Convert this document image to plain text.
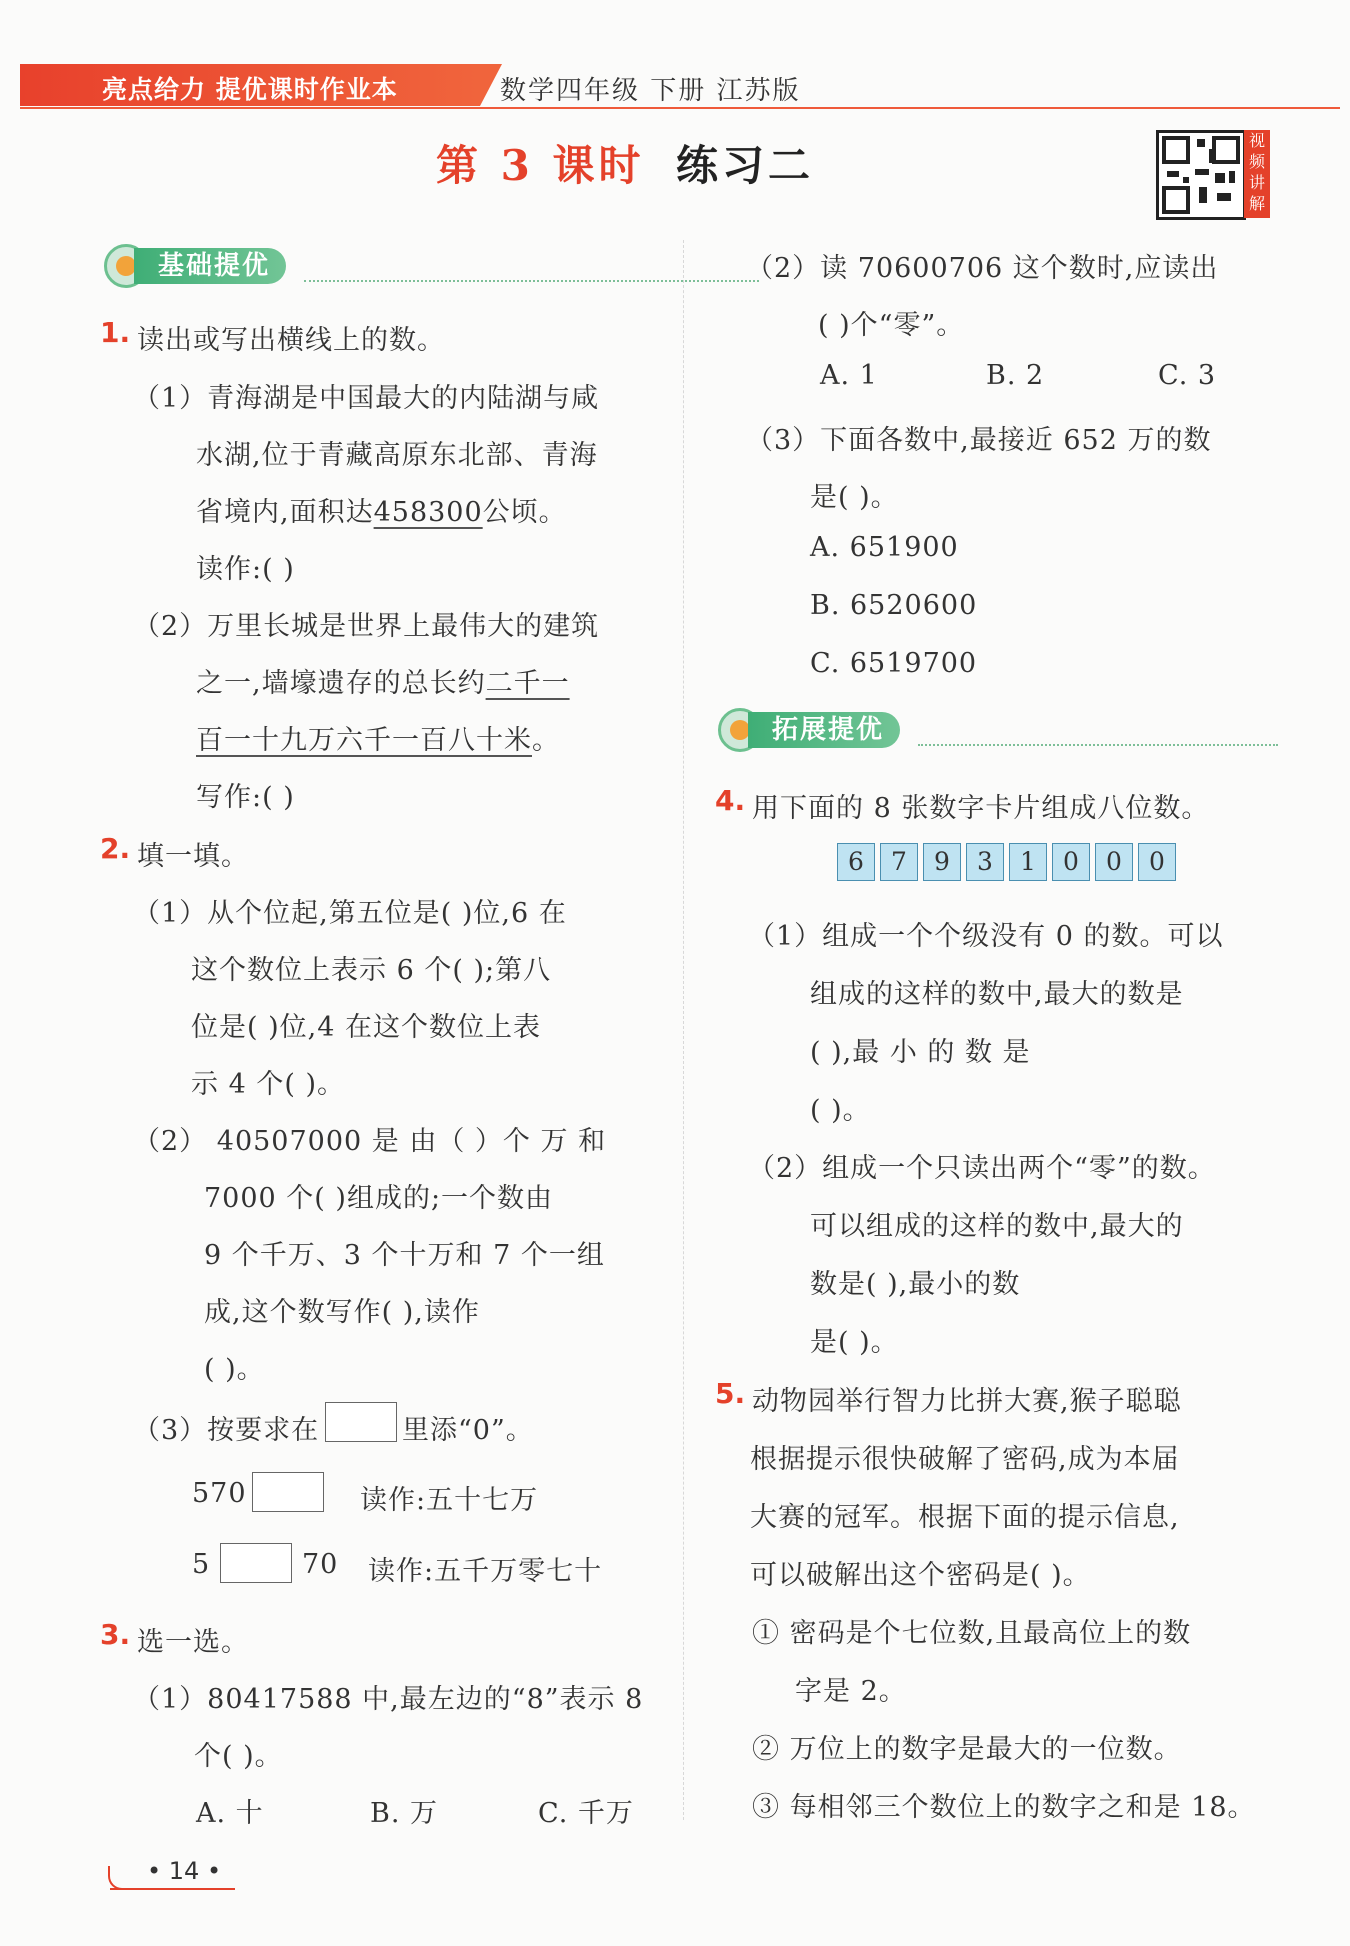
亮点给力 提优课时作业本	数学四年级 下册 江苏版
第 3 课时 练习二
视频讲解
基础提优
1. 读出或写出横线上的数。
（1）青海湖是中国最大的内陆湖与咸
水湖,位于青藏高原东北部、青海
省境内,面积达458300公顷。
读作:( )
（2）万里长城是世界上最伟大的建筑
之一,墙壕遗存的总长约二千一
百一十九万六千一百八十米。
写作:( )
2. 填一填。
（1）从个位起,第五位是( )位,6 在
这个数位上表示 6 个( );第八
位是( )位,4 在这个数位上表
示 4 个( )。
（2） 40507000 是 由（ ）个 万 和
7000 个( )组成的;一个数由
9 个千万、3 个十万和 7 个一组
成,这个数写作( ),读作
( )。
（3）按要求在	里添“0”。
570	读作:五十七万
5	70 读作:五千万零七十
3. 选一选。
（1）80417588 中,最左边的“8”表示 8
个( )。
A. 十	B. 万	C. 千万
（2）读 70600706 这个数时,应读出
( )个“零”。
A. 1	B. 2	C. 3
（3）下面各数中,最接近 652 万的数
是( )。
A. 651900
B. 6520600
C. 6519700
拓展提优
4. 用下面的 8 张数字卡片组成八位数。
6	7	9	3	1	0	0	0
（1）组成一个个级没有 0 的数。可以
组成的这样的数中,最大的数是
( ),最 小 的 数 是
( )。
（2）组成一个只读出两个“零”的数。
可以组成的这样的数中,最大的
数是( ),最小的数
是( )。
5. 动物园举行智力比拼大赛,猴子聪聪
根据提示很快破解了密码,成为本届
大赛的冠军。根据下面的提示信息,
可以破解出这个密码是( )。
① 密码是个七位数,且最高位上的数
字是 2。
② 万位上的数字是最大的一位数。
③ 每相邻三个数位上的数字之和是 18。
• 14 •
